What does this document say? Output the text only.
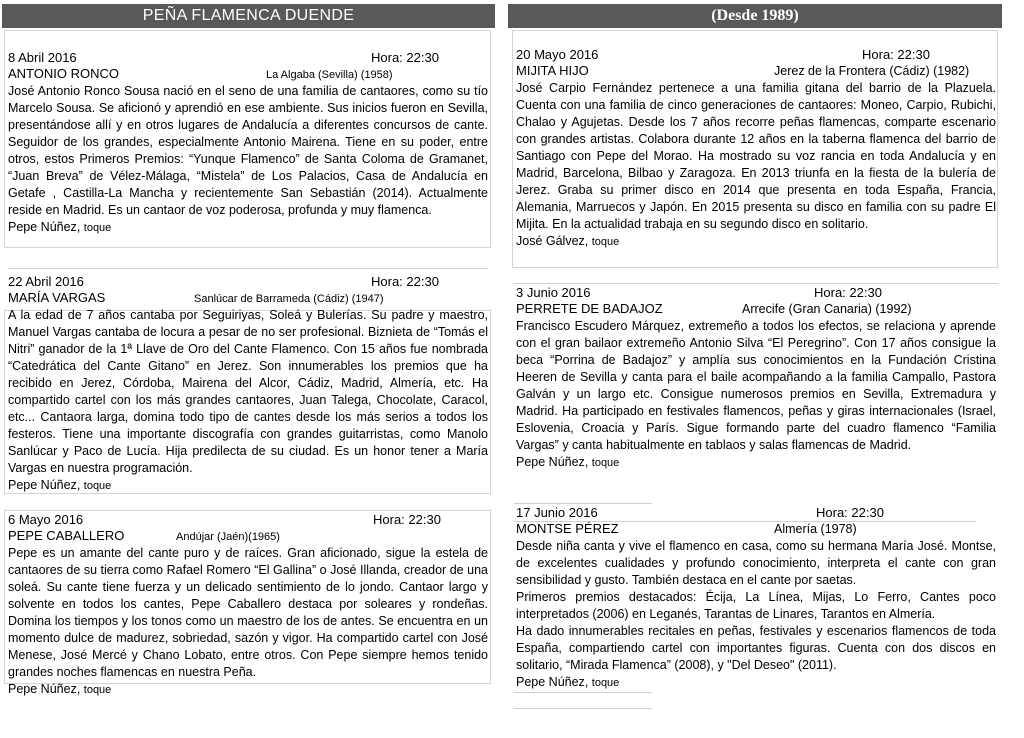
PEÑA FLAMENCA DUENDE	(Desde 1989)
8 Abril 2016	Hora: 22:30
ANTONIO RONCO	La Algaba (Sevilla) (1958)

José Antonio Ronco Sousa nació en el seno de una familia de cantaores, como su tío Marcelo Sousa. Se aficionó y aprendió en ese ambiente. Sus inicios fueron en Sevilla, presentándose allí y en otros lugares de Andalucía a diferentes concursos de cante. Seguidor de los grandes, especialmente Antonio Mairena. Tiene en su poder, entre otros, estos Primeros Premios: “Yunque Flamenco” de Santa Coloma de Gramanet, “Juan Breva” de Vélez-Málaga, “Mistela” de Los Palacios, Casa de Andalucía en Getafe , Castilla-La Mancha y recientemente San Sebastián (2014). Actualmente reside en Madrid. Es un cantaor de voz poderosa, profunda y muy flamenca.

Pepe Núñez, toque
22 Abril 2016	Hora: 22:30
MARÍA VARGAS	Sanlúcar de Barrameda (Cádiz) (1947)

A la edad de 7 años cantaba por Seguiriyas, Soleá y Bulerías. Su padre y maestro, Manuel Vargas cantaba de locura a pesar de no ser profesional. Biznieta de “Tomás el Nitri” ganador de la 1ª Llave de Oro del Cante Flamenco. Con 15 años fue nombrada “Catedrática del Cante Gitano” en Jerez. Son innumerables los premios que ha recibido en Jerez, Córdoba, Mairena del Alcor, Cádiz, Madrid, Almería, etc. Ha compartido cartel con los más grandes cantaores, Juan Talega, Chocolate, Caracol, etc... Cantaora larga, domina todo tipo de cantes desde los más serios a todos los festeros. Tiene una importante discografía con grandes guitarristas, como Manolo Sanlúcar y Paco de Lucía. Hija predilecta de su ciudad. Es un honor tener a María Vargas en nuestra programación.

Pepe Núñez, toque
6 Mayo 2016	Hora: 22:30
PEPE CABALLERO	Andújar (Jaén)(1965)

Pepe es un amante del cante puro y de raíces. Gran aficionado, sigue la estela de cantaores de su tierra como Rafael Romero “El Gallina” o José Illanda, creador de una soleá. Su cante tiene fuerza y un delicado sentimiento de lo jondo. Cantaor largo y solvente en todos los cantes, Pepe Caballero destaca por soleares y rondeñas. Domina los tiempos y los tonos como un maestro de los de antes. Se encuentra en un momento dulce de madurez, sobriedad, sazón y vigor. Ha compartido cartel con José Menese, José Mercé y Chano Lobato, entre otros. Con Pepe siempre hemos tenido grandes noches flamencas en nuestra Peña.

Pepe Núñez, toque
20 Mayo 2016	Hora: 22:30
MIJITA HIJO	Jerez de la Frontera (Cádiz) (1982)

José Carpio Fernández pertenece a una familia gitana del barrio de la Plazuela. Cuenta con una familia de cinco generaciones de cantaores: Moneo, Carpio, Rubichi, Chalao y Agujetas. Desde los 7 años recorre peñas flamencas, comparte escenario con grandes artistas. Colabora durante 12 años en la taberna flamenca del barrio de Santiago con Pepe del Morao. Ha mostrado su voz rancia en toda Andalucía y en Madrid, Barcelona, Bilbao y Zaragoza. En 2013 triunfa en la fiesta de la bulería de Jerez. Graba su primer disco en 2014 que presenta en toda España, Francia, Alemania, Marruecos y Japón. En 2015 presenta su disco en familia con su padre El Mijita. En la actualidad trabaja en su segundo disco en solitario.

José Gálvez, toque
3 Junio 2016	Hora: 22:30
PERRETE DE BADAJOZ	Arrecife (Gran Canaria) (1992)

Francisco Escudero Márquez, extremeño a todos los efectos, se relaciona y aprende con el gran bailaor extremeño Antonio Silva “El Peregrino”. Con 17 años consigue la beca “Porrina de Badajoz” y amplía sus conocimientos en la Fundación Cristina Heeren de Sevilla y canta para el baile acompañando a la familia Campallo, Pastora Galván y un largo etc. Consigue numerosos premios en Sevilla, Extremadura y Madrid. Ha participado en festivales flamencos, peñas y giras internacionales (Israel, Eslovenia, Croacia y París. Sigue formando parte del cuadro flamenco “Familia Vargas” y canta habitualmente en tablaos y salas flamencas de Madrid.

Pepe Núñez, toque
17 Junio 2016	Hora: 22:30
MONTSE PÉREZ	Almería (1978)

Desde niña canta y vive el flamenco en casa, como su hermana María José. Montse, de excelentes cualidades y profundo conocimiento, interpreta el cante con gran sensibilidad y gusto. También destaca en el cante por saetas.

Primeros premios destacados: Écija, La Línea, Mijas, Lo Ferro, Cantes poco interpretados (2006) en Leganés, Tarantas de Linares, Tarantos en Almería.

Ha dado innumerables recitales en peñas, festivales y escenarios flamencos de toda España, compartiendo cartel con importantes figuras. Cuenta con dos discos en solitario, “Mirada Flamenca” (2008), y "Del Deseo" (2011).

Pepe Núñez, toque
